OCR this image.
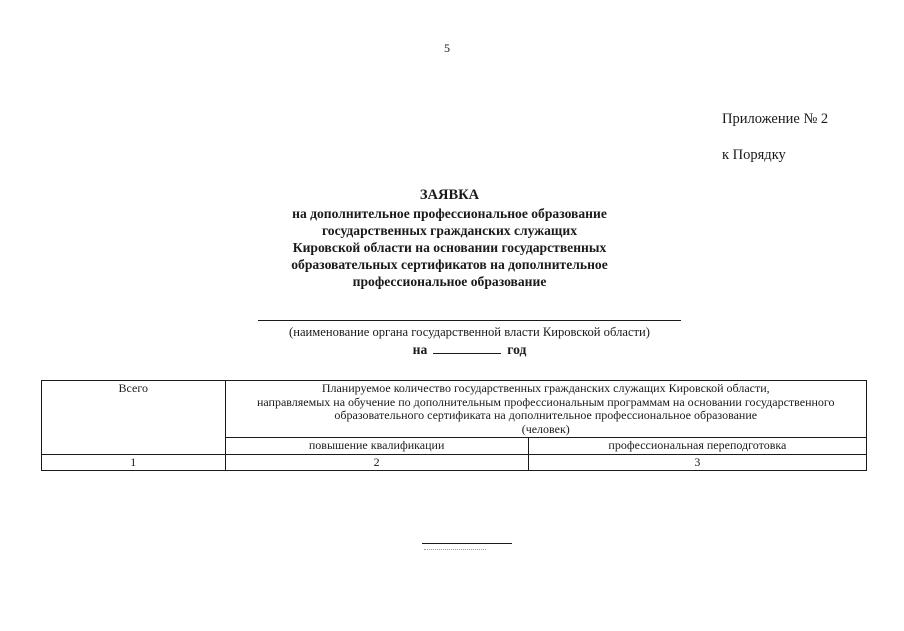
5
Приложение № 2
к Порядку
ЗАЯВКА
на дополнительное профессиональное образование
государственных гражданских служащих
Кировской области на основании государственных
образовательных сертификатов на дополнительное
профессиональное образование
(наименование органа государственной власти Кировской области)
на	год
Всего	Планируемое количество государственных гражданских служащих Кировской области,
направляемых на обучение по дополнительным профессиональным программам на основании государственного
образовательного сертификата на дополнительное профессиональное образование
(человек)	

	повышение квалификации	профессиональная переподготовка
1	2	3
